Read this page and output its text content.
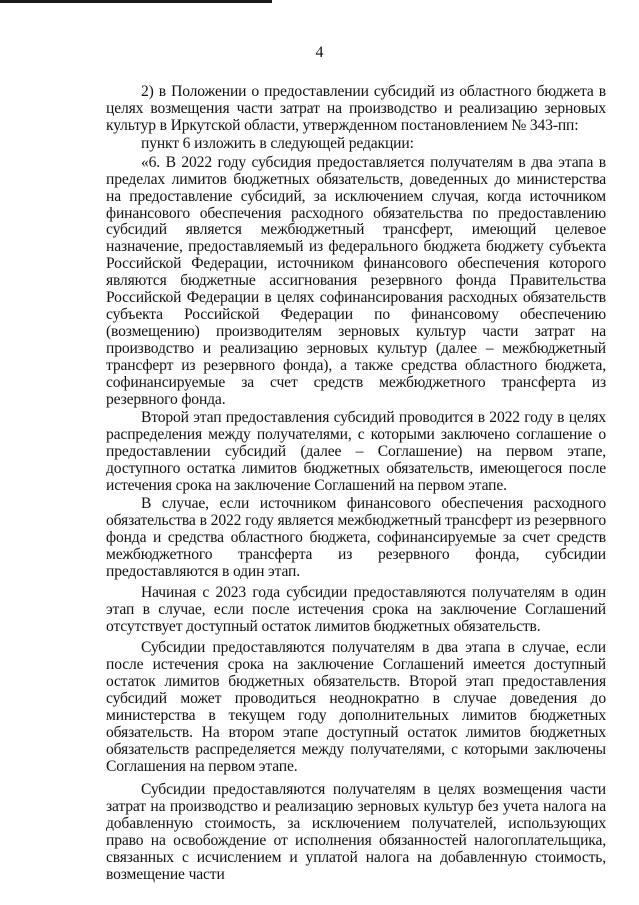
4

2) в Положении о предоставлении субсидий из областного бюджета в целях возмещения части затрат на производство и реализацию зерновых культур в Иркутской области, утвержденном постановлением № 343-пп:

пункт 6 изложить в следующей редакции:

«6. В 2022 году субсидия предоставляется получателям в два этапа в пределах лимитов бюджетных обязательств, доведенных до министерства на предоставление субсидий, за исключением случая, когда источником финансового обеспечения расходного обязательства по предоставлению субсидий является межбюджетный трансферт, имеющий целевое назначение, предоставляемый из федерального бюджета бюджету субъекта Российской Федерации, источником финансового обеспечения которого являются бюджетные ассигнования резервного фонда Правительства Российской Федерации в целях софинансирования расходных обязательств субъекта Российской Федерации по финансовому обеспечению (возмещению) производителям зерновых культур части затрат на производство и реализацию зерновых культур (далее – межбюджетный трансферт из резервного фонда), а также средства областного бюджета, софинансируемые за счет средств межбюджетного трансферта из резервного фонда.

Второй этап предоставления субсидий проводится в 2022 году в целях распределения между получателями, с которыми заключено соглашение о предоставлении субсидий (далее – Соглашение) на первом этапе, доступного остатка лимитов бюджетных обязательств, имеющегося после истечения срока на заключение Соглашений на первом этапе.

В случае, если источником финансового обеспечения расходного обязательства в 2022 году является межбюджетный трансферт из резервного фонда и средства областного бюджета, софинансируемые за счет средств межбюджетного трансферта из резервного фонда, субсидии предоставляются в один этап.

Начиная с 2023 года субсидии предоставляются получателям в один этап в случае, если после истечения срока на заключение Соглашений отсутствует доступный остаток лимитов бюджетных обязательств.

Субсидии предоставляются получателям в два этапа в случае, если после истечения срока на заключение Соглашений имеется доступный остаток лимитов бюджетных обязательств. Второй этап предоставления субсидий может проводиться неоднократно в случае доведения до министерства в текущем году дополнительных лимитов бюджетных обязательств. На втором этапе доступный остаток лимитов бюджетных обязательств распределяется между получателями, с которыми заключены Соглашения на первом этапе.

Субсидии предоставляются получателям в целях возмещения части затрат на производство и реализацию зерновых культур без учета налога на добавленную стоимость, за исключением получателей, использующих право на освобождение от исполнения обязанностей налогоплательщика, связанных с исчислением и уплатой налога на добавленную стоимость, возмещение части
